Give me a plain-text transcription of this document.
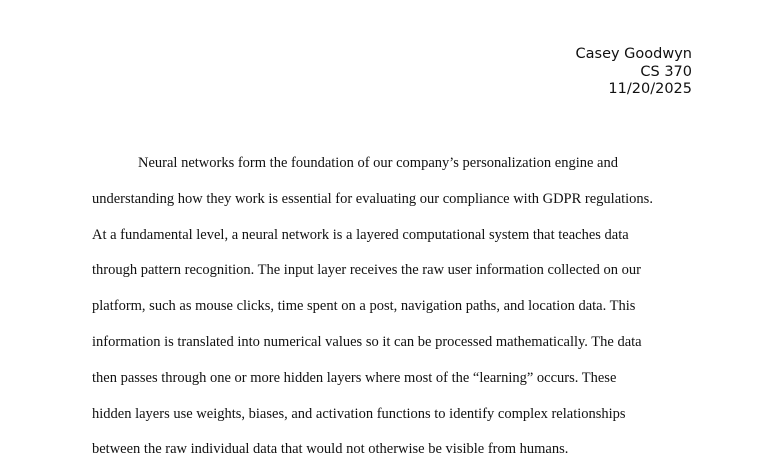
Casey Goodwyn
CS 370
11/20/2025
Neural networks form the foundation of our company’s personalization engine and
understanding how they work is essential for evaluating our compliance with GDPR regulations.
At a fundamental level, a neural network is a layered computational system that teaches data
through pattern recognition. The input layer receives the raw user information collected on our
platform, such as mouse clicks, time spent on a post, navigation paths, and location data. This
information is translated into numerical values so it can be processed mathematically. The data
then passes through one or more hidden layers where most of the “learning” occurs. These
hidden layers use weights, biases, and activation functions to identify complex relationships
between the raw individual data that would not otherwise be visible from humans.
